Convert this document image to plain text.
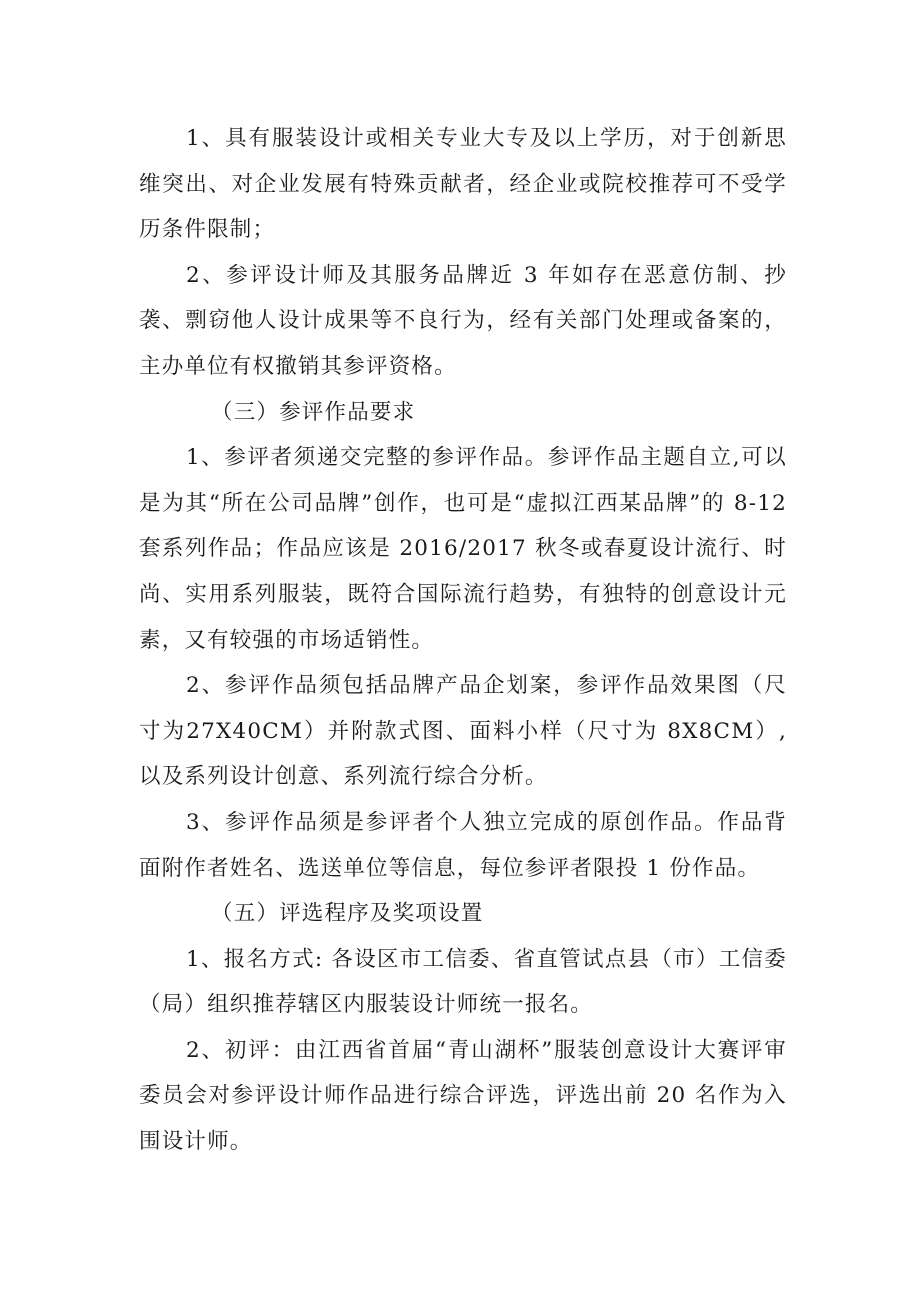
1、具有服装设计或相关专业大专及以上学历，对于创新思维突出、对企业发展有特殊贡献者，经企业或院校推荐可不受学历条件限制；

2、参评设计师及其服务品牌近 3 年如存在恶意仿制、抄袭、剽窃他人设计成果等不良行为，经有关部门处理或备案的，主办单位有权撤销其参评资格。

（三）参评作品要求

1、参评者须递交完整的参评作品。参评作品主题自立,可以是为其“所在公司品牌”创作，也可是“虚拟江西某品牌”的 8-12 套系列作品；作品应该是 2016/2017 秋冬或春夏设计流行、时尚、实用系列服装，既符合国际流行趋势，有独特的创意设计元素，又有较强的市场适销性。

2、参评作品须包括品牌产品企划案，参评作品效果图（尺寸为27X40CM）并附款式图、面料小样（尺寸为 8X8CM）,以及系列设计创意、系列流行综合分析。

3、参评作品须是参评者个人独立完成的原创作品。作品背面附作者姓名、选送单位等信息，每位参评者限投 1 份作品。

（五）评选程序及奖项设置

1、报名方式: 各设区市工信委、省直管试点县（市）工信委（局）组织推荐辖区内服装设计师统一报名。

2、初评：由江西省首届“青山湖杯”服装创意设计大赛评审委员会对参评设计师作品进行综合评选，评选出前 20 名作为入围设计师。
